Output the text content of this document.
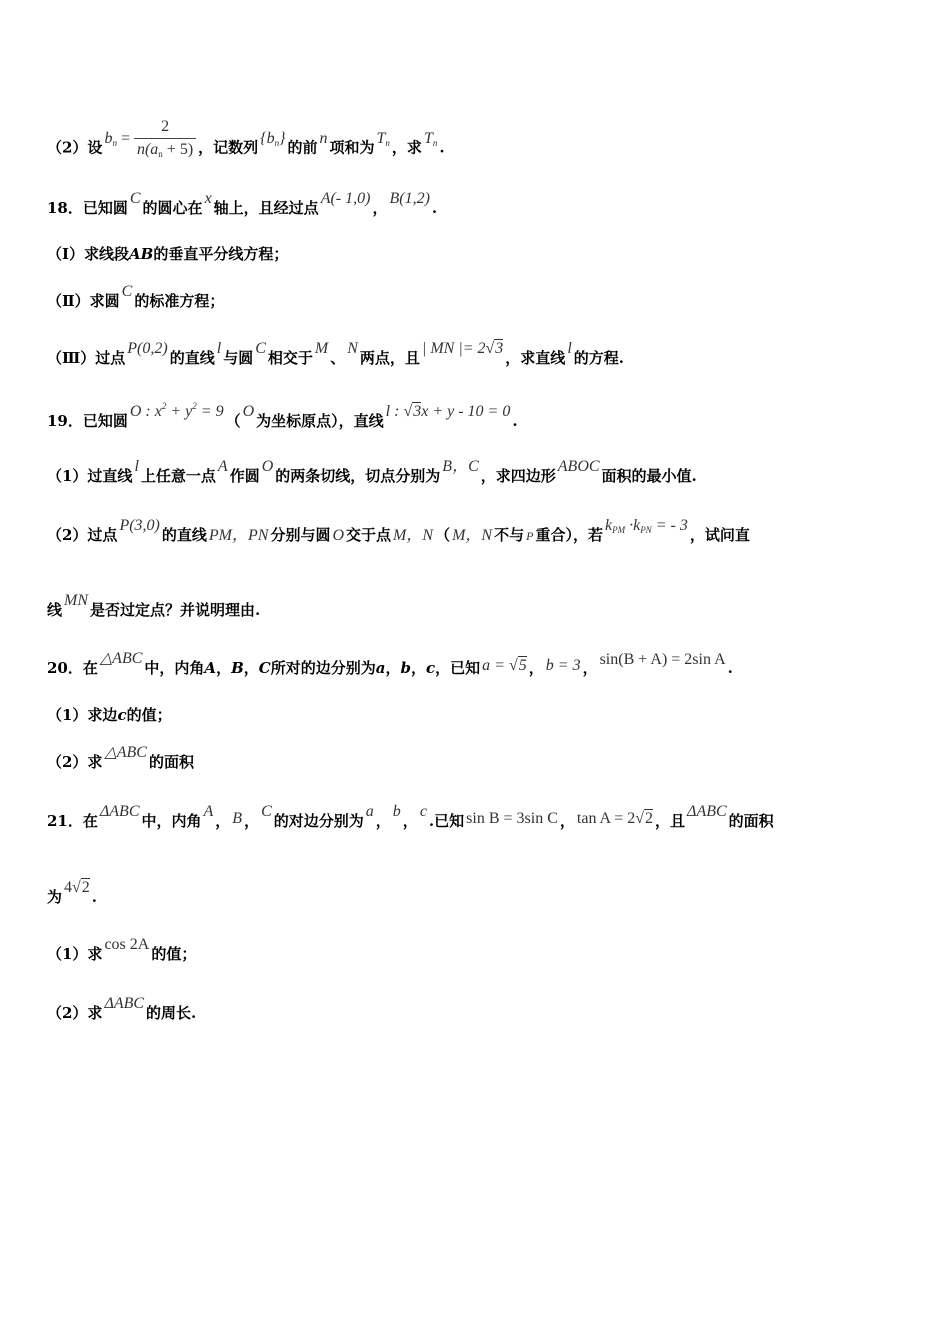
（2）设$b_n = \frac{2}{n(a_n + 5)}$ ，记数列$\{b_n\}$的前n项和为$T_n$ ，求$T_n$ .
18．已知圆C的圆心在x轴上，且经过点A(- 1,0)，B(1,2).
（Ⅰ）求线段AB的垂直平分线方程；
（Ⅱ）求圆C的标准方程；
（Ⅲ）过点P(0,2)的直线l与圆C相交于M、N两点，且| MN |= 2√3，求直线l的方程.
19．已知圆O : $x^2 + y^2 = 9(O$为坐标原点），直线l : √3x + y - 10 = 0.
（1）过直线l上任意一点A作圆O的两条切线，切点分别为B，C，求四边形ABOC面积的最小值.
（2）过点P(3,0)的直线 PM，PN 分别与圆 O 交于点 M，N （ M，N 不与 P 重合），若$k_{PM} \cdot k_{PN}$ = - 3，试问直
线MN是否过定点？并说明理由.
20．在△ABC中，内角A，B，C所对的边分别为a，b，c，已知 a = √5 ， b = 3 ， sin(B + A) = 2sin A .
（1）求边c的值；
（2）求△ABC的面积
21．在ΔABC中，内角A， B ，C的对边分别为a，b，c.已知 sin B = 3sin C ， tan A = 2√2 ，且ΔABC的面积
为4√2.
（1）求cos 2A的值；
（2）求ΔABC的周长.
